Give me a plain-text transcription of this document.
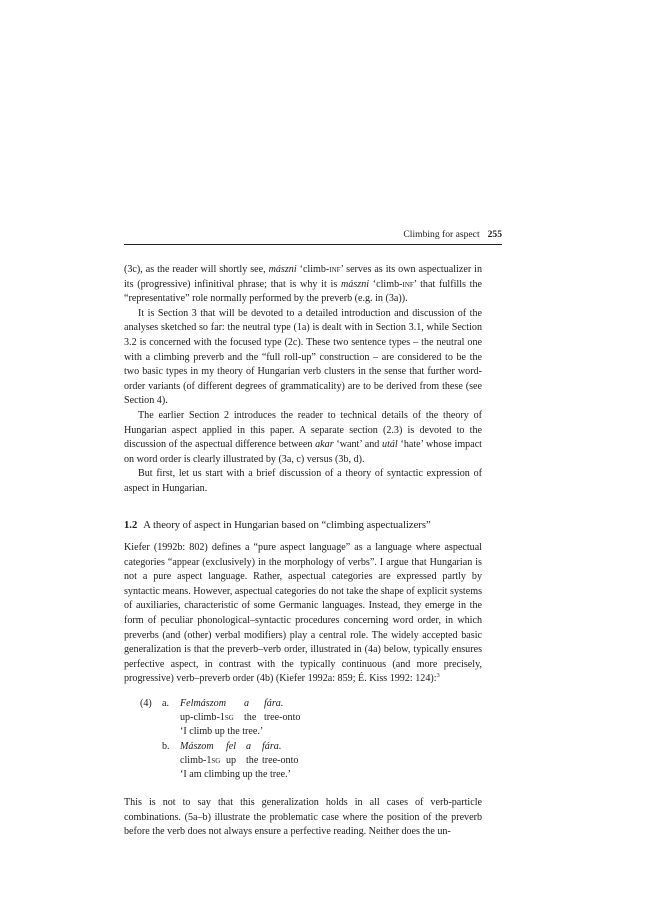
Climbing for aspect 255

(3c), as the reader will shortly see, mászni ‘climb-inf’ serves as its own aspectualizer in its (progressive) infinitival phrase; that is why it is mászni ‘climb-inf’ that fulfills the “representative” role normally performed by the preverb (e.g. in (3a)).

It is Section 3 that will be devoted to a detailed introduction and discussion of the analyses sketched so far: the neutral type (1a) is dealt with in Section 3.1, while Section 3.2 is concerned with the focused type (2c). These two sentence types – the neutral one with a climbing preverb and the “full roll-up” construction – are considered to be the two basic types in my theory of Hungarian verb clusters in the sense that further word-order variants (of different degrees of grammaticality) are to be derived from these (see Section 4).

The earlier Section 2 introduces the reader to technical details of the theory of Hungarian aspect applied in this paper. A separate section (2.3) is devoted to the discussion of the aspectual difference between akar ‘want’ and utál ‘hate’ whose impact on word order is clearly illustrated by (3a, c) versus (3b, d).

But first, let us start with a brief discussion of a theory of syntactic expression of aspect in Hungarian.

1.2 A theory of aspect in Hungarian based on “climbing aspectualizers”

Kiefer (1992b: 802) defines a “pure aspect language” as a language where aspectual categories “appear (exclusively) in the morphology of verbs”. I argue that Hungarian is not a pure aspect language. Rather, aspectual categories are expressed partly by syntactic means. However, aspectual categories do not take the shape of explicit systems of auxiliaries, characteristic of some Germanic languages. Instead, they emerge in the form of peculiar phonological–syntactic procedures concerning word order, in which preverbs (and (other) verbal modifiers) play a central role. The widely accepted basic generalization is that the preverb–verb order, illustrated in (4a) below, typically ensures perfective aspect, in contrast with the typically continuous (and more precisely, progressive) verb–preverb order (4b) (Kiefer 1992a: 859; É. Kiss 1992: 124):$^3$

(4)	a.	Felmászom	a	fára.
up-climb-1sg	the tree-onto
‘I climb up the tree.’
b.	Mászom	fel a	fára.
climb-1sg up the tree-onto
‘I am climbing up the tree.’

This is not to say that this generalization holds in all cases of verb-particle combinations. (5a–b) illustrate the problematic case where the position of the preverb before the verb does not always ensure a perfective reading. Neither does the un-
